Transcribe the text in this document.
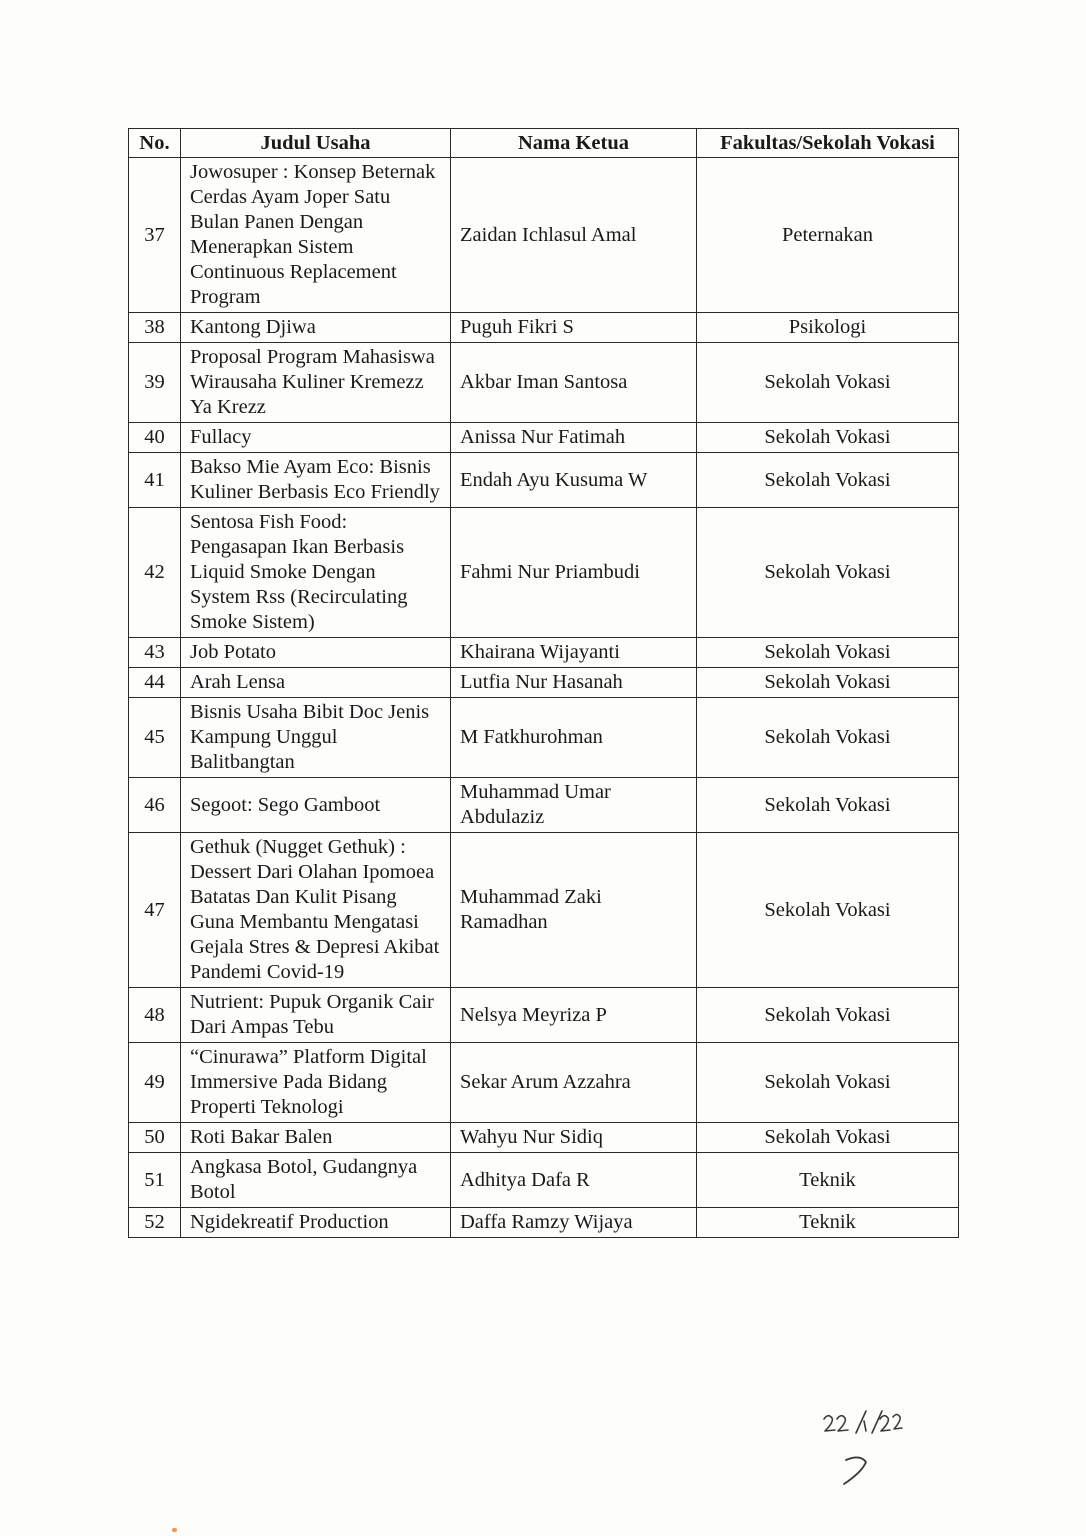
No.	Judul Usaha	Nama Ketua	Fakultas/Sekolah Vokasi
37	Jowosuper : Konsep Beternak Cerdas Ayam Joper Satu Bulan Panen Dengan Menerapkan Sistem Continuous Replacement Program	Zaidan Ichlasul Amal	Peternakan
38	Kantong Djiwa	Puguh Fikri S	Psikologi
39	Proposal Program Mahasiswa Wirausaha Kuliner Kremezz Ya Krezz	Akbar Iman Santosa	Sekolah Vokasi
40	Fullacy	Anissa Nur Fatimah	Sekolah Vokasi
41	Bakso Mie Ayam Eco: Bisnis Kuliner Berbasis Eco Friendly	Endah Ayu Kusuma W	Sekolah Vokasi
42	Sentosa Fish Food: Pengasapan Ikan Berbasis Liquid Smoke Dengan System Rss (Recirculating Smoke Sistem)	Fahmi Nur Priambudi	Sekolah Vokasi
43	Job Potato	Khairana Wijayanti	Sekolah Vokasi
44	Arah Lensa	Lutfia Nur Hasanah	Sekolah Vokasi
45	Bisnis Usaha Bibit Doc Jenis Kampung Unggul Balitbangtan	M Fatkhurohman	Sekolah Vokasi
46	Segoot: Sego Gamboot	Muhammad Umar Abdulaziz	Sekolah Vokasi
47	Gethuk (Nugget Gethuk) : Dessert Dari Olahan Ipomoea Batatas Dan Kulit Pisang Guna Membantu Mengatasi Gejala Stres & Depresi Akibat Pandemi Covid-19	Muhammad Zaki Ramadhan	Sekolah Vokasi
48	Nutrient: Pupuk Organik Cair Dari Ampas Tebu	Nelsya Meyriza P	Sekolah Vokasi
49	“Cinurawa” Platform Digital Immersive Pada Bidang Properti Teknologi	Sekar Arum Azzahra	Sekolah Vokasi
50	Roti Bakar Balen	Wahyu Nur Sidiq	Sekolah Vokasi
51	Angkasa Botol, Gudangnya Botol	Adhitya Dafa R	Teknik
52	Ngidekreatif Production	Daffa Ramzy Wijaya	Teknik
